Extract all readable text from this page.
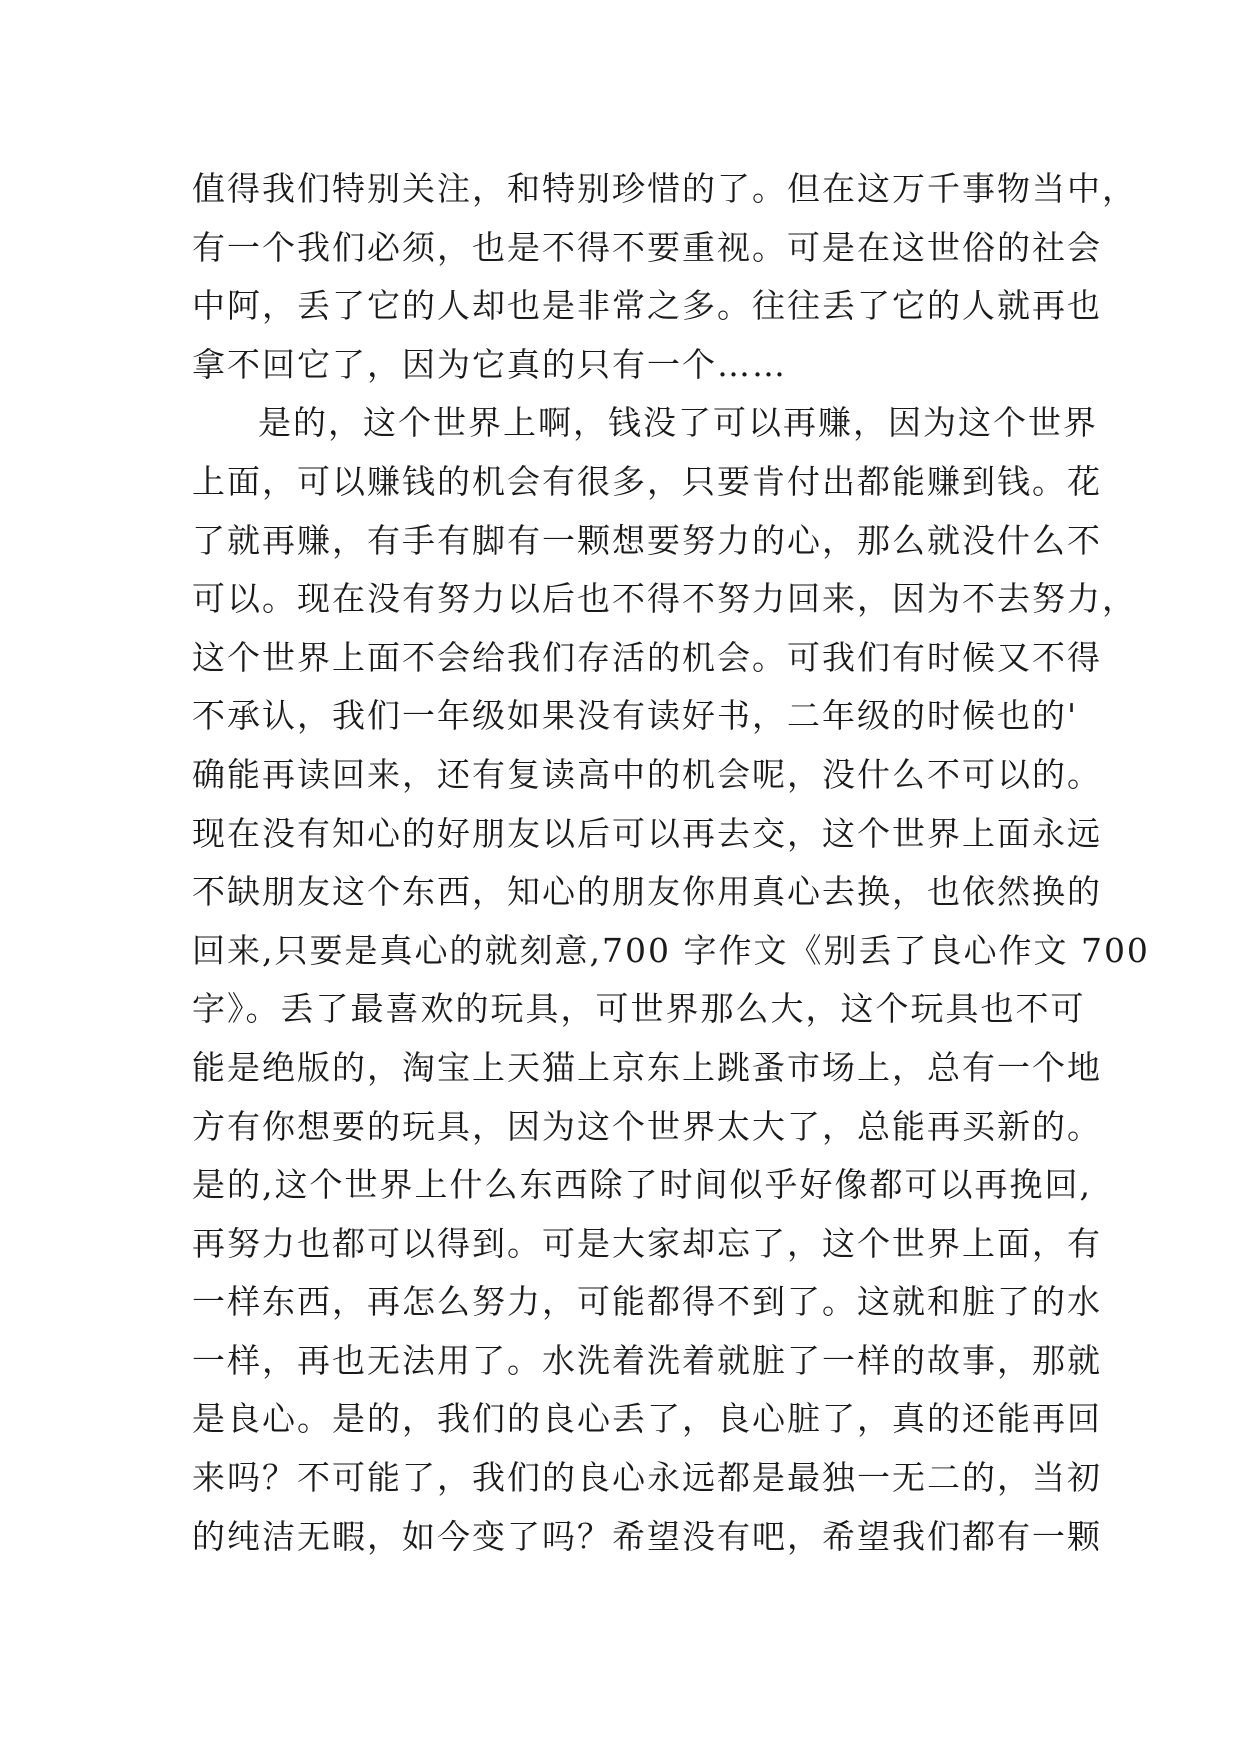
值得我们特别关注，和特别珍惜的了。但在这万千事物当中，
有一个我们必须，也是不得不要重视。可是在这世俗的社会
中阿，丢了它的人却也是非常之多。往往丢了它的人就再也
拿不回它了，因为它真的只有一个……
是的，这个世界上啊，钱没了可以再赚，因为这个世界
上面，可以赚钱的机会有很多，只要肯付出都能赚到钱。花
了就再赚，有手有脚有一颗想要努力的心，那么就没什么不
可以。现在没有努力以后也不得不努力回来，因为不去努力，
这个世界上面不会给我们存活的机会。可我们有时候又不得
不承认，我们一年级如果没有读好书，二年级的时候也的'
确能再读回来，还有复读高中的机会呢，没什么不可以的。
现在没有知心的好朋友以后可以再去交，这个世界上面永远
不缺朋友这个东西，知心的朋友你用真心去换，也依然换的
回来,只要是真心的就刻意,700 字作文《别丢了良心作文 700
字》。丢了最喜欢的玩具，可世界那么大，这个玩具也不可
能是绝版的，淘宝上天猫上京东上跳蚤市场上，总有一个地
方有你想要的玩具，因为这个世界太大了，总能再买新的。
是的,这个世界上什么东西除了时间似乎好像都可以再挽回,
再努力也都可以得到。可是大家却忘了，这个世界上面，有
一样东西，再怎么努力，可能都得不到了。这就和脏了的水
一样，再也无法用了。水洗着洗着就脏了一样的故事，那就
是良心。是的，我们的良心丢了，良心脏了，真的还能再回
来吗？不可能了，我们的良心永远都是最独一无二的，当初
的纯洁无暇，如今变了吗？希望没有吧，希望我们都有一颗
